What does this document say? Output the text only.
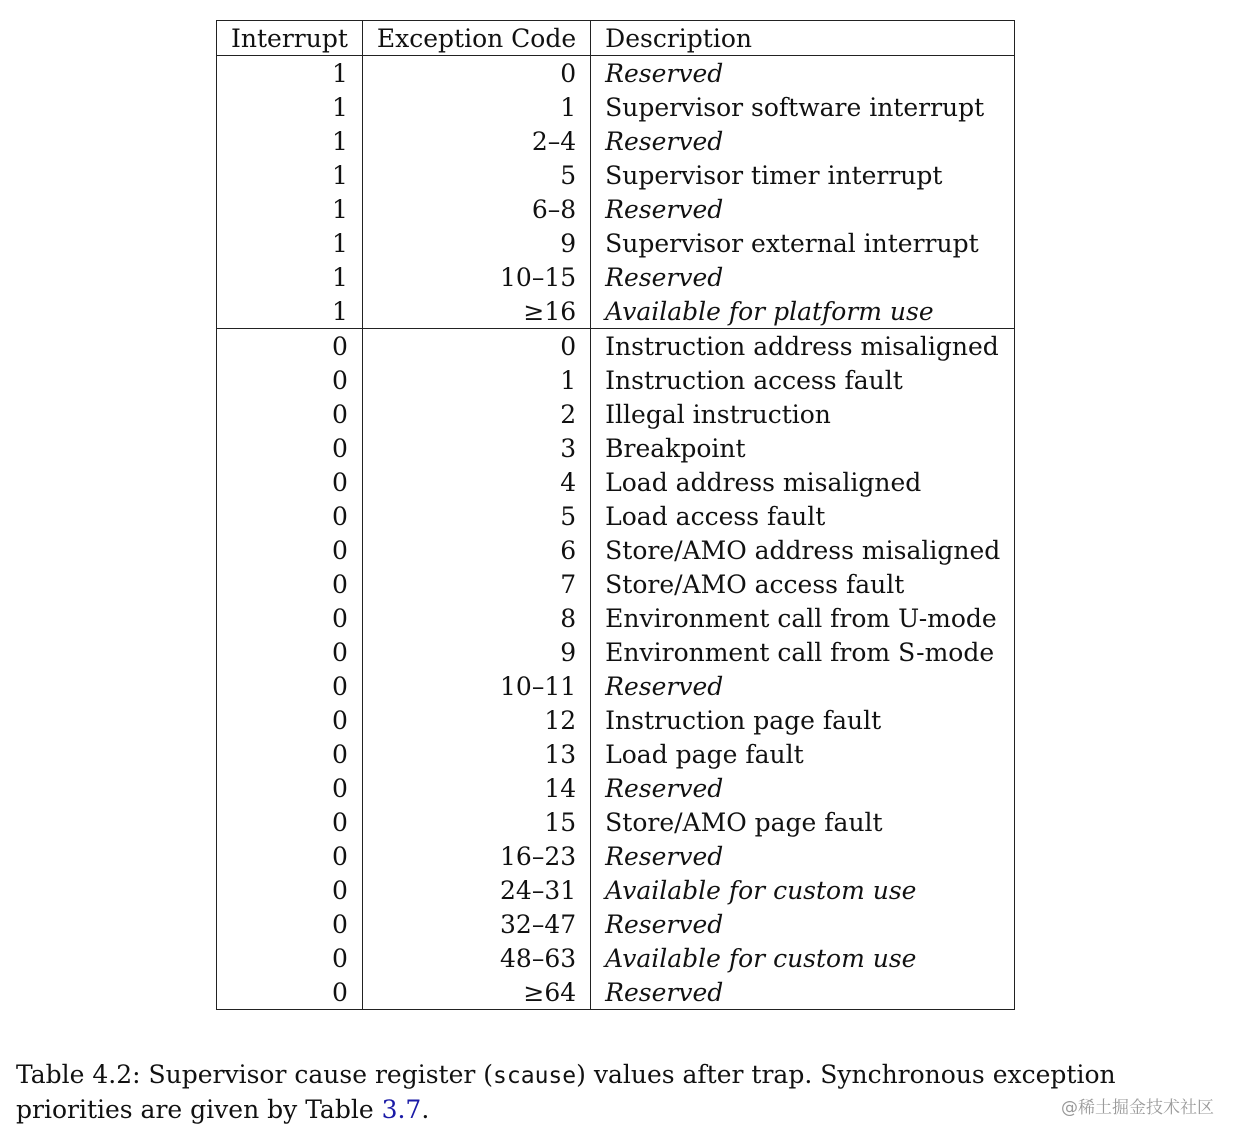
Interrupt	Exception Code	Description
1	0	Reserved
1	1	Supervisor software interrupt
1	2–4	Reserved
1	5	Supervisor timer interrupt
1	6–8	Reserved
1	9	Supervisor external interrupt
1	10–15	Reserved
1	≥16	Available for platform use
0	0	Instruction address misaligned
0	1	Instruction access fault
0	2	Illegal instruction
0	3	Breakpoint
0	4	Load address misaligned
0	5	Load access fault
0	6	Store/AMO address misaligned
0	7	Store/AMO access fault
0	8	Environment call from U-mode
0	9	Environment call from S-mode
0	10–11	Reserved
0	12	Instruction page fault
0	13	Load page fault
0	14	Reserved
0	15	Store/AMO page fault
0	16–23	Reserved
0	24–31	Available for custom use
0	32–47	Reserved
0	48–63	Available for custom use
0	≥64	Reserved

Table 4.2: Supervisor cause register (scause) values after trap. Synchronous exception priorities are given by Table 3.7.	@稀土掘金技术社区
